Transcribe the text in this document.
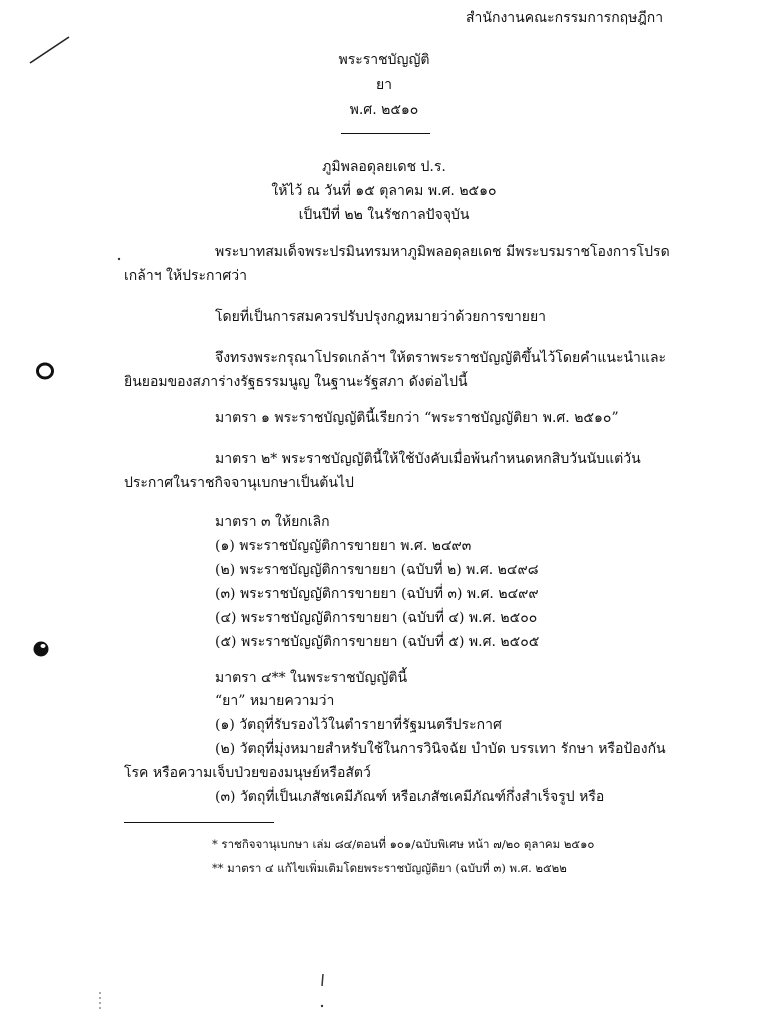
สำนักงานคณะกรรมการกฤษฎีกา
พระราชบัญญัติ
ยา
พ.ศ. ๒๕๑๐
ภูมิพลอดุลยเดช ป.ร.
ให้ไว้ ณ วันที่ ๑๕ ตุลาคม พ.ศ. ๒๕๑๐
เป็นปีที่ ๒๒ ในรัชกาลปัจจุบัน
พระบาทสมเด็จพระปรมินทรมหาภูมิพลอดุลยเดช มีพระบรมราชโองการโปรด
เกล้าฯ ให้ประกาศว่า
โดยที่เป็นการสมควรปรับปรุงกฎหมายว่าด้วยการขายยา
จึงทรงพระกรุณาโปรดเกล้าฯ ให้ตราพระราชบัญญัติขึ้นไว้โดยคำแนะนำและ
ยินยอมของสภาร่างรัฐธรรมนูญ ในฐานะรัฐสภา ดังต่อไปนี้
มาตรา ๑ พระราชบัญญัตินี้เรียกว่า “พระราชบัญญัติยา พ.ศ. ๒๕๑๐”
มาตรา ๒* พระราชบัญญัตินี้ให้ใช้บังคับเมื่อพ้นกำหนดหกสิบวันนับแต่วัน
ประกาศในราชกิจจานุเบกษาเป็นต้นไป
มาตรา ๓ ให้ยกเลิก
(๑) พระราชบัญญัติการขายยา พ.ศ. ๒๔๙๓
(๒) พระราชบัญญัติการขายยา (ฉบับที่ ๒) พ.ศ. ๒๔๙๘
(๓) พระราชบัญญัติการขายยา (ฉบับที่ ๓) พ.ศ. ๒๔๙๙
(๔) พระราชบัญญัติการขายยา (ฉบับที่ ๔) พ.ศ. ๒๕๐๐
(๕) พระราชบัญญัติการขายยา (ฉบับที่ ๕) พ.ศ. ๒๕๐๕
มาตรา ๔** ในพระราชบัญญัตินี้
“ยา” หมายความว่า
(๑) วัตถุที่รับรองไว้ในตำรายาที่รัฐมนตรีประกาศ
(๒) วัตถุที่มุ่งหมายสำหรับใช้ในการวินิจฉัย บำบัด บรรเทา รักษา หรือป้องกัน
โรค หรือความเจ็บป่วยของมนุษย์หรือสัตว์
(๓) วัตถุที่เป็นเภสัชเคมีภัณฑ์ หรือเภสัชเคมีภัณฑ์กึ่งสำเร็จรูป หรือ
* ราชกิจจานุเบกษา เล่ม ๘๔/ตอนที่ ๑๐๑/ฉบับพิเศษ หน้า ๗/๒๐ ตุลาคม ๒๕๑๐
** มาตรา ๔ แก้ไขเพิ่มเติมโดยพระราชบัญญัติยา (ฉบับที่ ๓) พ.ศ. ๒๕๒๒
